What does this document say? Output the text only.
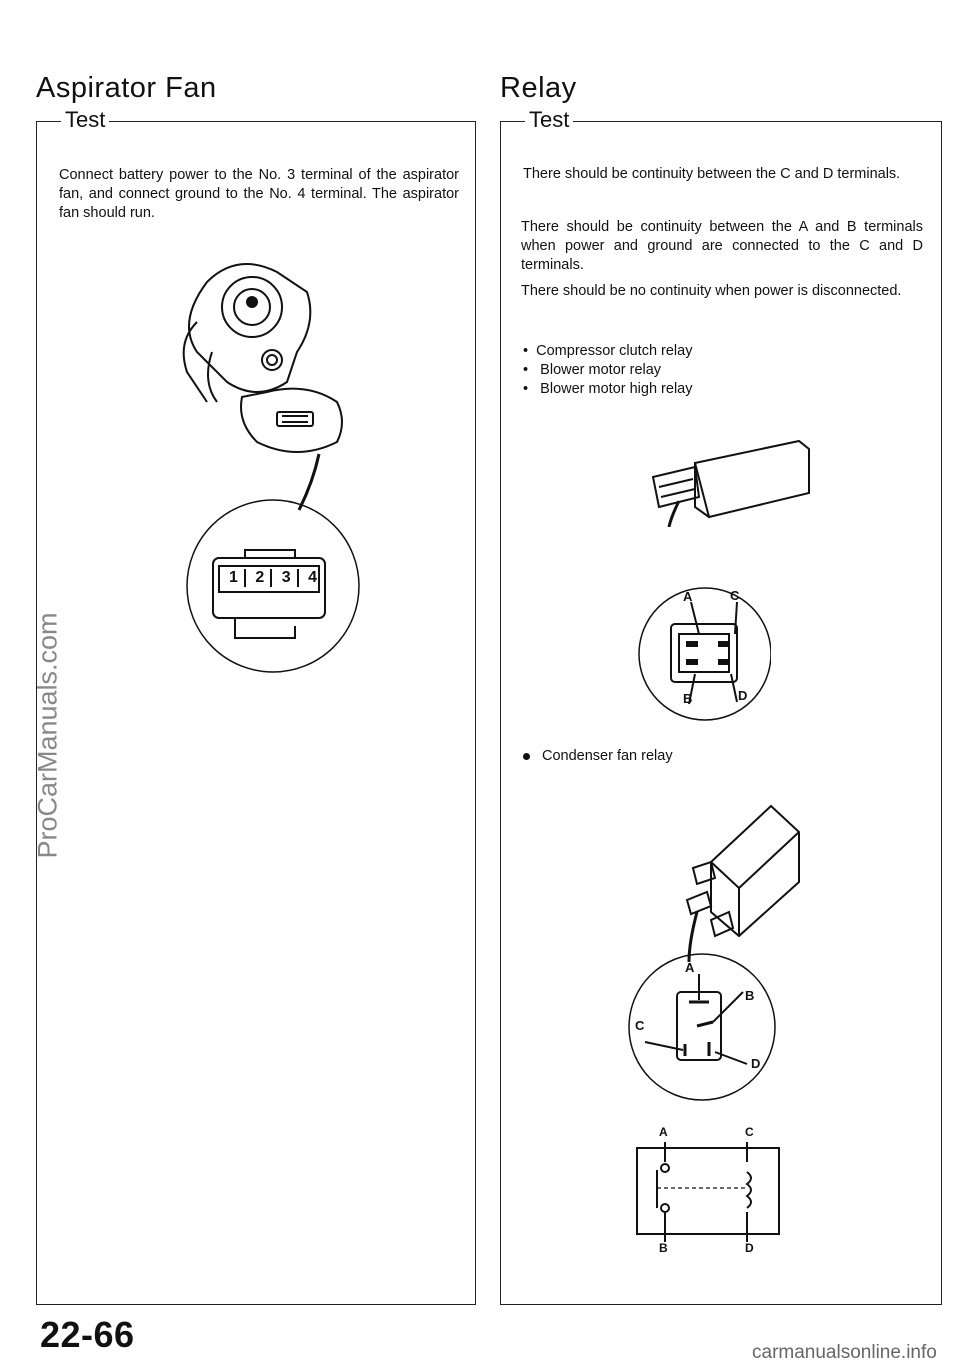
Aspirator Fan	Relay
Test
Connect battery power to the No. 3 terminal of the aspirator fan, and connect ground to the No. 4 terminal. The aspirator fan should run.
1	2	3	4
Test
There should be continuity between the C and D terminals.
There should be continuity between the A and B terminals when power and ground are connected to the C and D terminals.
There should be no continuity when power is disconnected.
•  Compressor clutch relay
•   Blower motor relay
•   Blower motor high relay
A	C
B	D
Condenser fan relay
A
B
C
D
A	C
B	D
22-66	carmanualsonline.info
ProCarManuals.com
